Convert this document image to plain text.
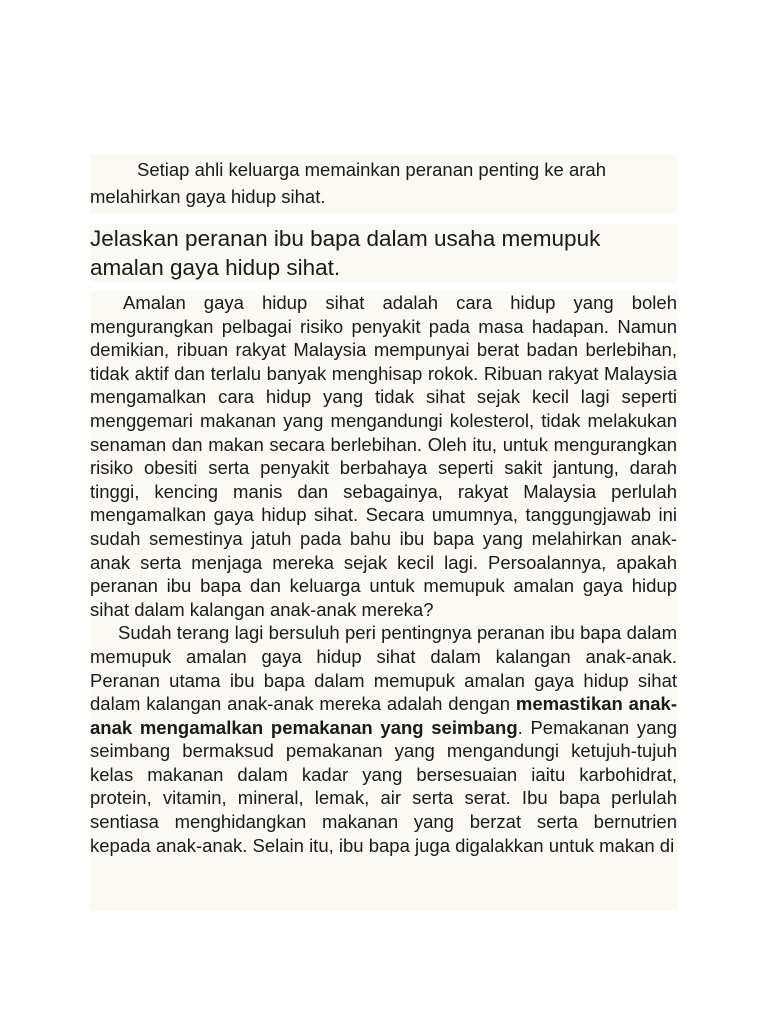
Setiap ahli keluarga memainkan peranan penting ke arah melahirkan gaya hidup sihat.

Jelaskan peranan ibu bapa dalam usaha memupuk amalan gaya hidup sihat.

Amalan gaya hidup sihat adalah cara hidup yang boleh mengurangkan pelbagai risiko penyakit pada masa hadapan. Namun demikian, ribuan rakyat Malaysia mempunyai berat badan berlebihan, tidak aktif dan terlalu banyak menghisap rokok. Ribuan rakyat Malaysia mengamalkan cara hidup yang tidak sihat sejak kecil lagi seperti menggemari makanan yang mengandungi kolesterol, tidak melakukan senaman dan makan secara berlebihan. Oleh itu, untuk mengurangkan risiko obesiti serta penyakit berbahaya seperti sakit jantung, darah tinggi, kencing manis dan sebagainya, rakyat Malaysia perlulah mengamalkan gaya hidup sihat. Secara umumnya, tanggungjawab ini sudah semestinya jatuh pada bahu ibu bapa yang melahirkan anak-anak serta menjaga mereka sejak kecil lagi. Persoalannya, apakah peranan ibu bapa dan keluarga untuk memupuk amalan gaya hidup sihat dalam kalangan anak-anak mereka?

Sudah terang lagi bersuluh peri pentingnya peranan ibu bapa dalam memupuk amalan gaya hidup sihat dalam kalangan anak-anak. Peranan utama ibu bapa dalam memupuk amalan gaya hidup sihat dalam kalangan anak-anak mereka adalah dengan memastikan anak-anak mengamalkan pemakanan yang seimbang. Pemakanan yang seimbang bermaksud pemakanan yang mengandungi ketujuh-tujuh kelas makanan dalam kadar yang bersesuaian iaitu karbohidrat, protein, vitamin, mineral, lemak, air serta serat. Ibu bapa perlulah sentiasa menghidangkan makanan yang berzat serta bernutrien kepada anak-anak. Selain itu, ibu bapa juga digalakkan untuk makan di
